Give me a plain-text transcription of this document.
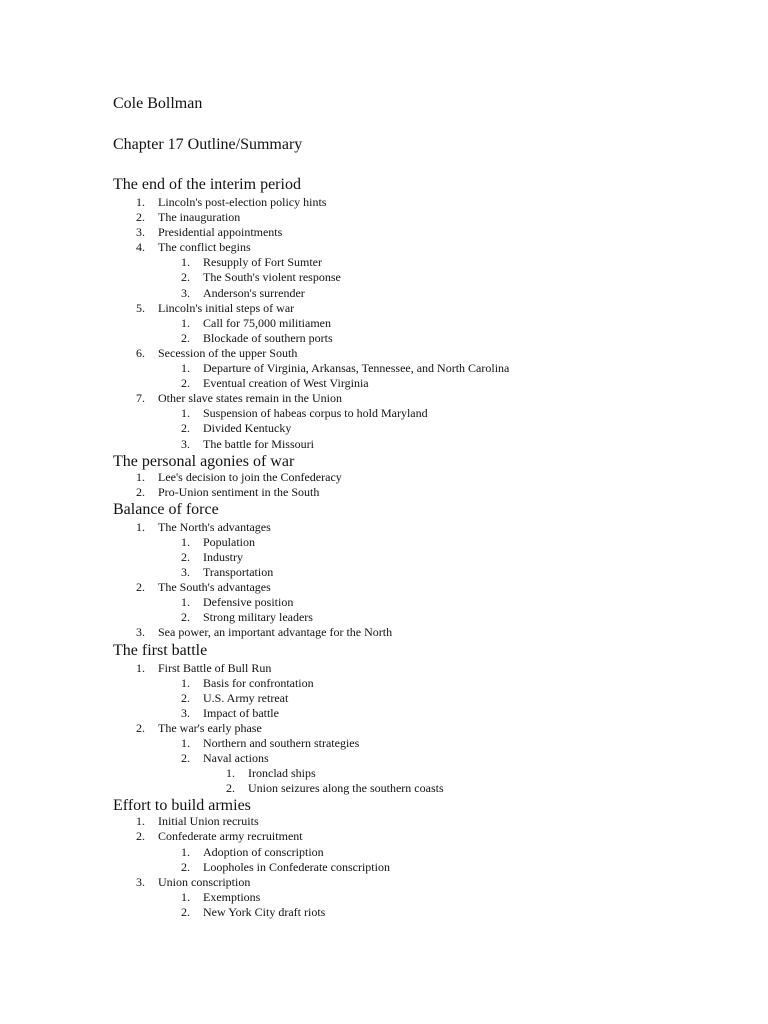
Cole Bollman
Chapter 17 Outline/Summary
The end of the interim period
1. Lincoln's post-election policy hints
2. The inauguration
3. Presidential appointments
4. The conflict begins
1. Resupply of Fort Sumter
2. The South's violent response
3. Anderson's surrender
5. Lincoln's initial steps of war
1. Call for 75,000 militiamen
2. Blockade of southern ports
6. Secession of the upper South
1. Departure of Virginia, Arkansas, Tennessee, and North Carolina
2. Eventual creation of West Virginia
7. Other slave states remain in the Union
1. Suspension of habeas corpus to hold Maryland
2. Divided Kentucky
3. The battle for Missouri
The personal agonies of war
1. Lee's decision to join the Confederacy
2. Pro-Union sentiment in the South
Balance of force
1. The North's advantages
1. Population
2. Industry
3. Transportation
2. The South's advantages
1. Defensive position
2. Strong military leaders
3. Sea power, an important advantage for the North
The first battle
1. First Battle of Bull Run
1. Basis for confrontation
2. U.S. Army retreat
3. Impact of battle
2. The war's early phase
1. Northern and southern strategies
2. Naval actions
1. Ironclad ships
2. Union seizures along the southern coasts
Effort to build armies
1. Initial Union recruits
2. Confederate army recruitment
1. Adoption of conscription
2. Loopholes in Confederate conscription
3. Union conscription
1. Exemptions
2. New York City draft riots
